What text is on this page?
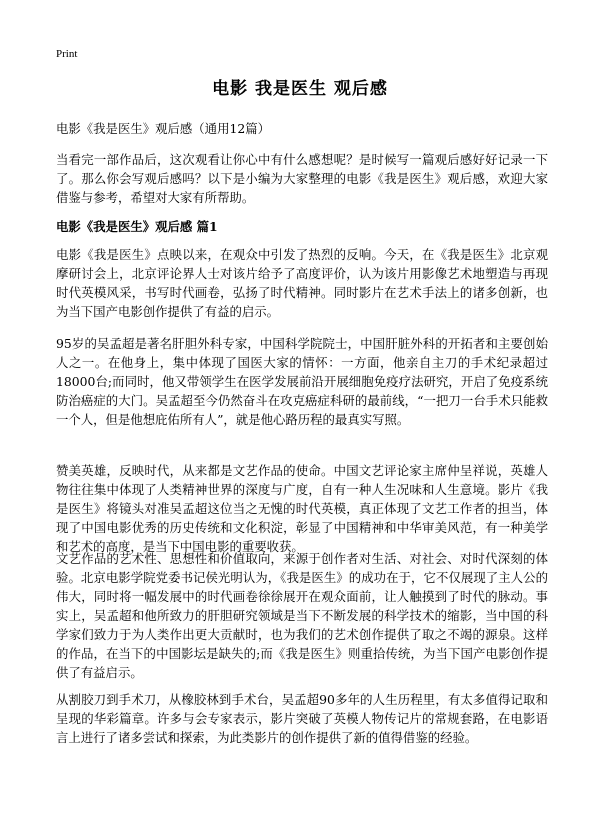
Print
电影 我是医生 观后感
电影《我是医生》观后感（通用12篇）

当看完一部作品后，这次观看让你心中有什么感想呢？是时候写一篇观后感好好记录一下了。那么你会写观后感吗？以下是小编为大家整理的电影《我是医生》观后感，欢迎大家借鉴与参考，希望对大家有所帮助。

电影《我是医生》观后感 篇1

电影《我是医生》点映以来，在观众中引发了热烈的反响。今天，在《我是医生》北京观摩研讨会上，北京评论界人士对该片给予了高度评价，认为该片用影像艺术地塑造与再现时代英模风采，书写时代画卷，弘扬了时代精神。同时影片在艺术手法上的诸多创新，也为当下国产电影创作提供了有益的启示。

95岁的吴孟超是著名肝胆外科专家，中国科学院院士，中国肝脏外科的开拓者和主要创始人之一。在他身上，集中体现了国医大家的情怀：一方面，他亲自主刀的手术纪录超过18000台;而同时，他又带领学生在医学发展前沿开展细胞免疫疗法研究，开启了免疫系统防治癌症的大门。吴孟超至今仍然奋斗在攻克癌症科研的最前线，“一把刀一台手术只能救一个人，但是他想庇佑所有人”，就是他心路历程的最真实写照。

赞美英雄，反映时代，从来都是文艺作品的使命。中国文艺评论家主席仲呈祥说，英雄人物往往集中体现了人类精神世界的深度与广度，自有一种人生况味和人生意境。影片《我是医生》将镜头对准吴孟超这位当之无愧的时代英模，真正体现了文艺工作者的担当，体现了中国电影优秀的历史传统和文化积淀，彰显了中国精神和中华审美风范，有一种美学和艺术的高度，是当下中国电影的重要收获。

文艺作品的艺术性、思想性和价值取向，来源于创作者对生活、对社会、对时代深刻的体验。北京电影学院党委书记侯光明认为，《我是医生》的成功在于，它不仅展现了主人公的伟大，同时将一幅发展中的时代画卷徐徐展开在观众面前，让人触摸到了时代的脉动。事实上，吴孟超和他所致力的肝胆研究领域是当下不断发展的科学技术的缩影，当中国的科学家们致力于为人类作出更大贡献时，也为我们的艺术创作提供了取之不竭的源泉。这样的作品，在当下的中国影坛是缺失的;而《我是医生》则重拾传统，为当下国产电影创作提供了有益启示。

从割胶刀到手术刀，从橡胶林到手术台，吴孟超90多年的人生历程里，有太多值得记取和呈现的华彩篇章。许多与会专家表示，影片突破了英模人物传记片的常规套路，在电影语言上进行了诸多尝试和探索，为此类影片的创作提供了新的值得借鉴的经验。
